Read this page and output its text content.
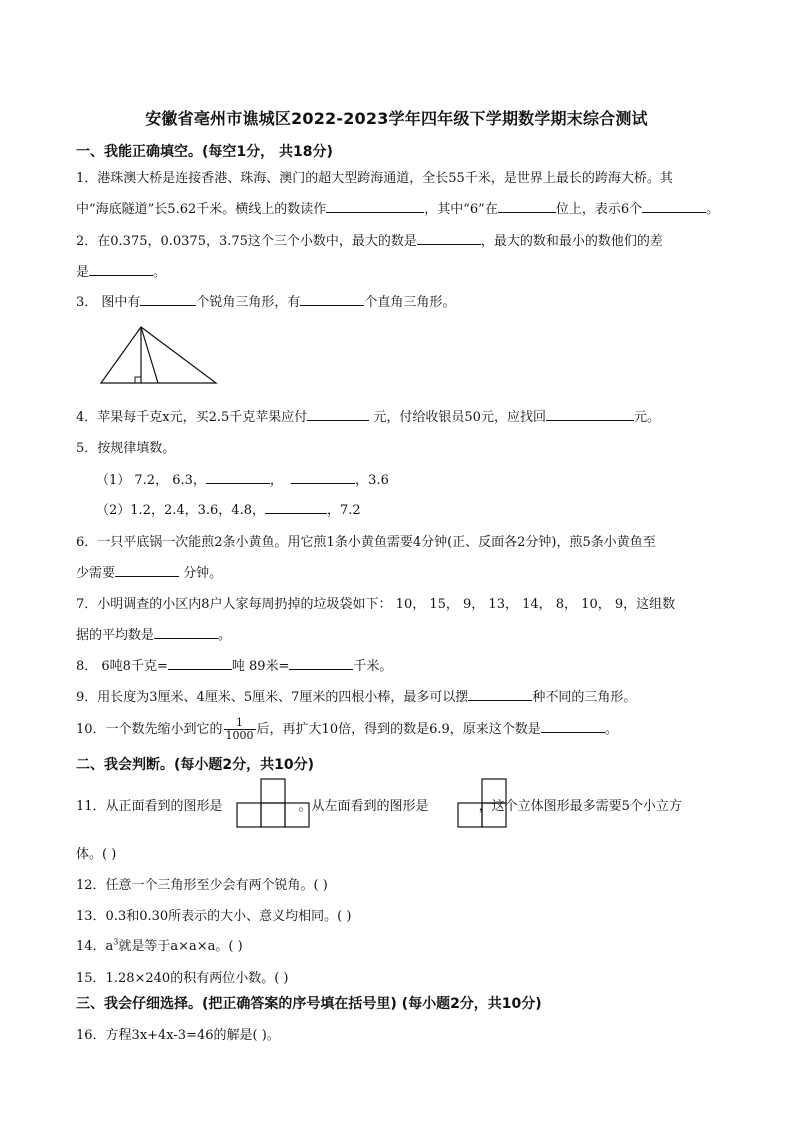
安徽省亳州市谯城区2022-2023学年四年级下学期数学期末综合测试
一、我能正确填空。(每空1分， 共18分)
1．港珠澳大桥是连接香港、珠海、澳门的超大型跨海通道，全长55千米，是世界上最长的跨海大桥。其
中“海底隧道”长5.62千米。横线上的数读作	，其中“6”在	位上，表示6个	。
2．在0.375，0.0375，3.75这个三个小数中，最大的数是	，最大的数和最小的数他们的差
是	。
3． 图中有	个锐角三角形，有	个直角三角形。
4．苹果每千克x元，买2.5千克苹果应付	元，付给收银员50元，应找回	元。
5．按规律填数。
（1） 7.2， 6.3，	，	，3.6
（2）1.2，2.4，3.6，4.8，	，7.2
6．一只平底锅一次能煎2条小黄鱼。用它煎1条小黄鱼需要4分钟(正、反面各2分钟)，煎5条小黄鱼至
少需要	分钟。
7．小明调查的小区内8户人家每周扔掉的垃圾袋如下： 10， 15， 9， 13， 14， 8， 10， 9，这组数
据的平均数是	。
8． 6吨8千克=	吨 89米=	千米。
9．用长度为3厘米、4厘米、5厘米、7厘米的四根小棒，最多可以摆	种不同的三角形。
10．一个数先缩小到它的 $\frac{1}{1000}$ 后，再扩大10倍，得到的数是6.9，原来这个数是	。
二、我会判断。(每小题2分，共10分)
11．从正面看到的图形是	。从左面看到的图形是	，这个立体图形最多需要5个小立方
体。( )
12．任意一个三角形至少会有两个锐角。( )
13．0.3和0.30所表示的大小、意义均相同。( )
14．$a^3$就是等于a×a×a。( )
15．1.28×240的积有两位小数。( )
三、我会仔细选择。(把正确答案的序号填在括号里) (每小题2分，共10分)
16．方程3x+4x-3=46的解是( )。
